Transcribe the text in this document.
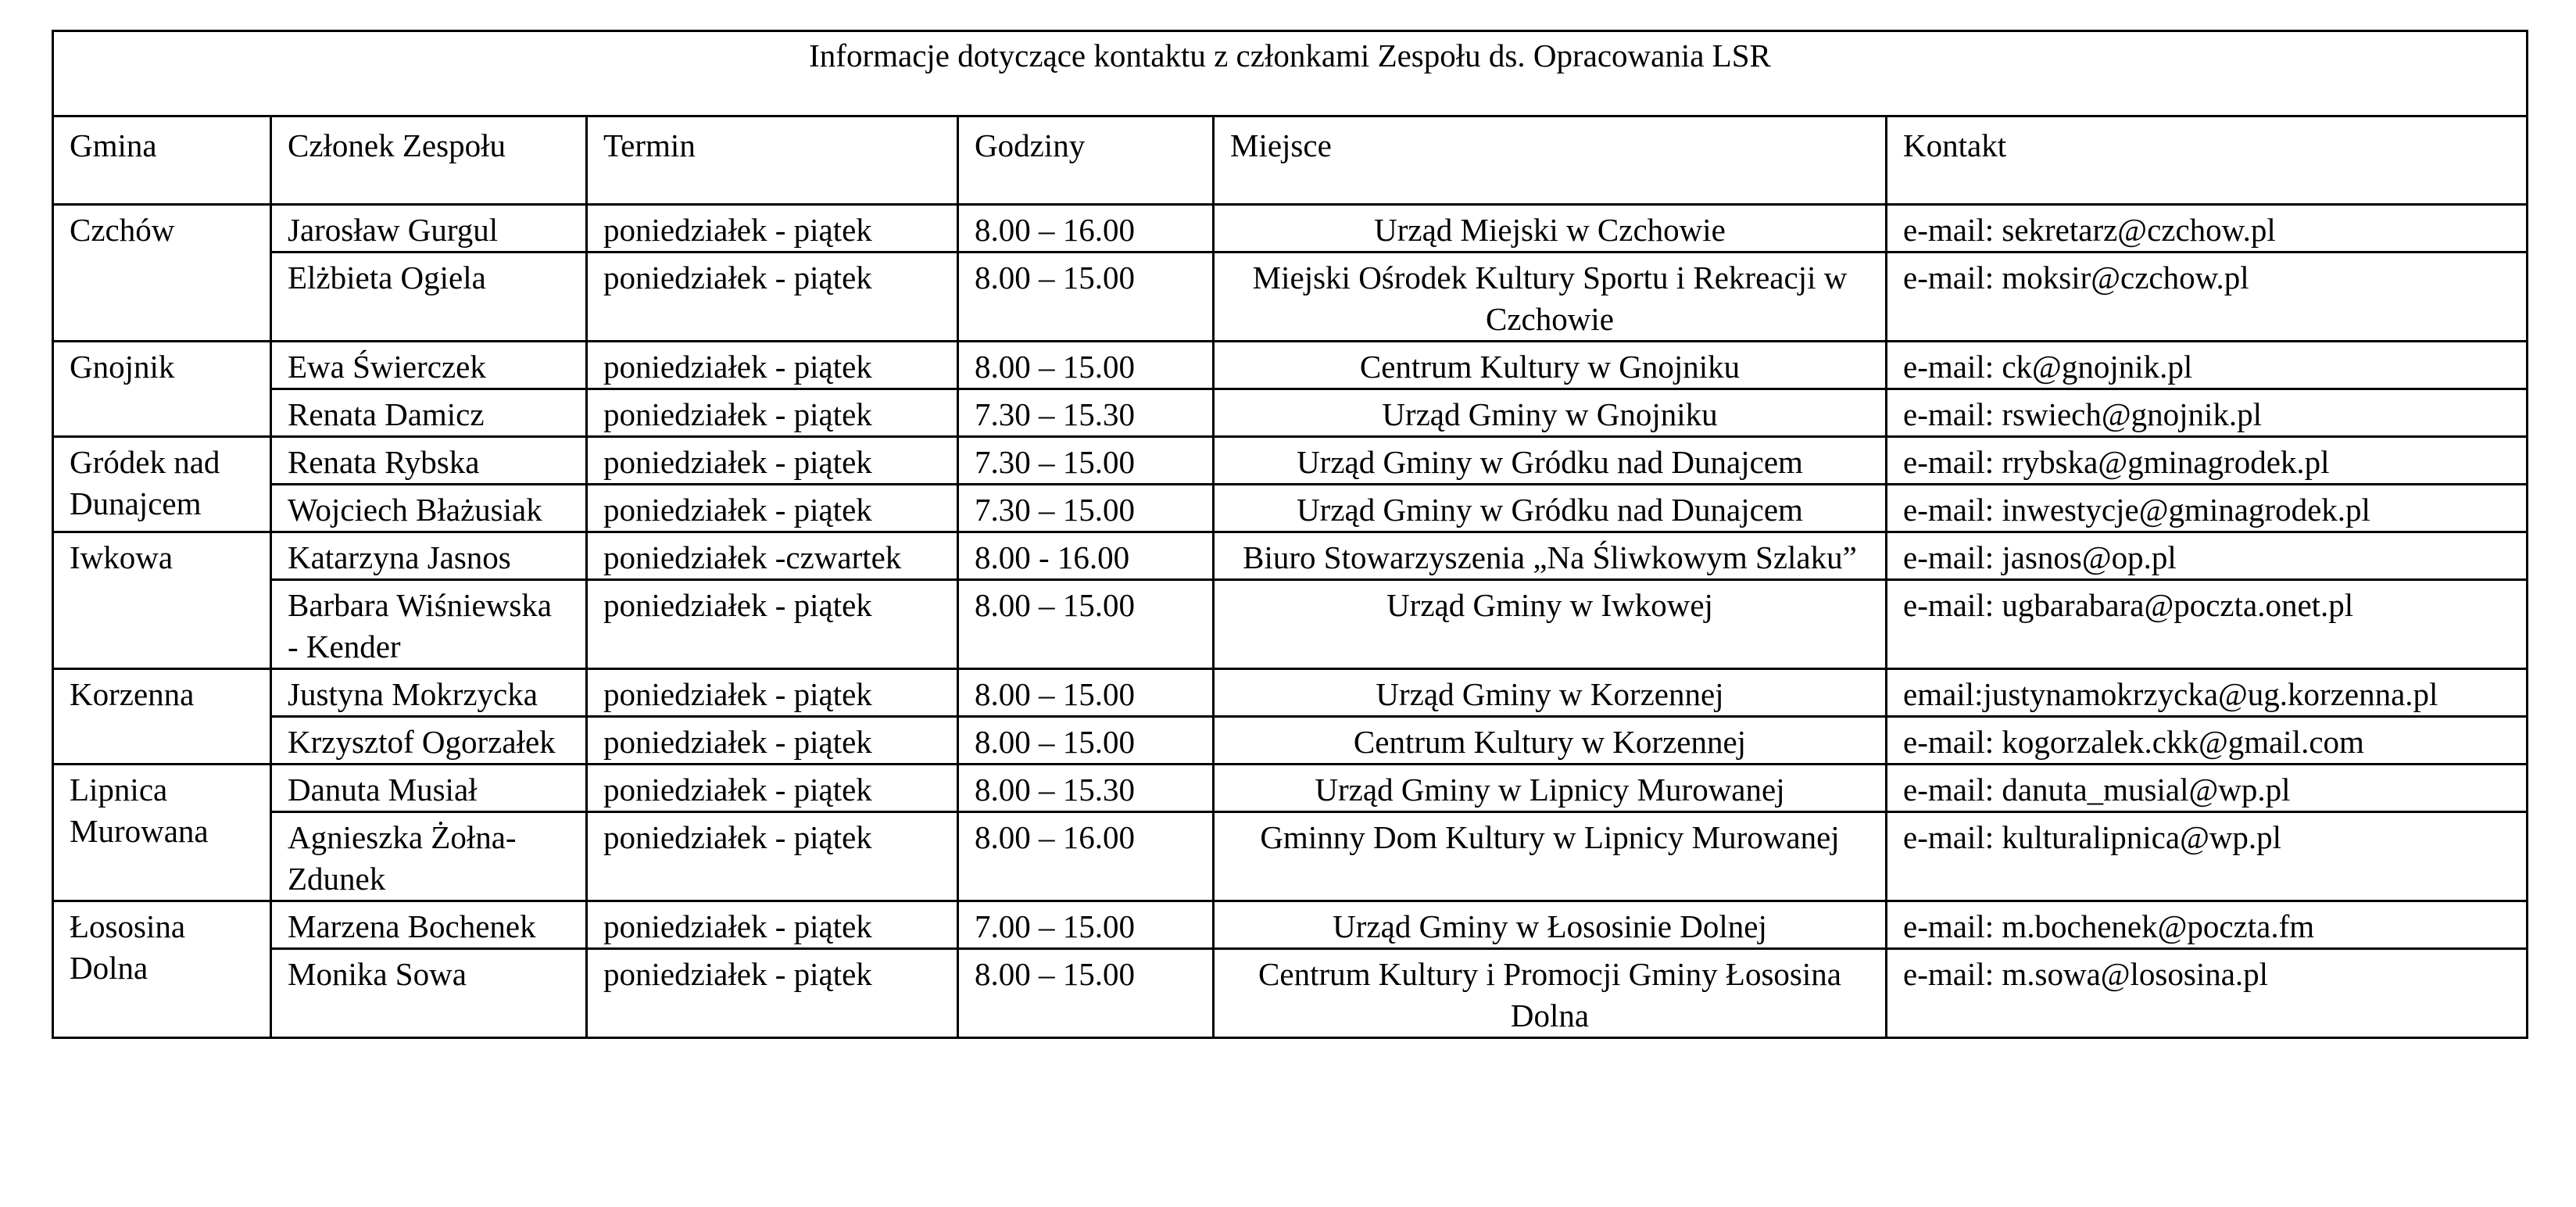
Informacje dotyczące kontaktu z członkami Zespołu ds. Opracowania LSR					
Gmina	Członek Zespołu	Termin	Godziny	Miejsce	Kontakt
Czchów	Jarosław Gurgul	poniedziałek - piątek	8.00 – 16.00	Urząd Miejski w Czchowie	e-mail: sekretarz@czchow.pl
	Elżbieta Ogiela	poniedziałek - piątek	8.00 – 15.00	Miejski Ośrodek Kultury Sportu i Rekreacji w Czchowie	e-mail: moksir@czchow.pl
Gnojnik	Ewa Świerczek	poniedziałek - piątek	8.00 – 15.00	Centrum Kultury w Gnojniku	e-mail: ck@gnojnik.pl
	Renata Damicz	poniedziałek - piątek	7.30 – 15.30	Urząd Gminy w Gnojniku	e-mail: rswiech@gnojnik.pl
Gródek nad Dunajcem	Renata Rybska	poniedziałek - piątek	7.30 – 15.00	Urząd Gminy w Gródku nad Dunajcem	e-mail: rrybska@gminagrodek.pl
	Wojciech Błażusiak	poniedziałek - piątek	7.30 – 15.00	Urząd Gminy w Gródku nad Dunajcem	e-mail: inwestycje@gminagrodek.pl
Iwkowa	Katarzyna Jasnos	poniedziałek -czwartek	8.00 - 16.00	Biuro Stowarzyszenia „Na Śliwkowym Szlaku”	e-mail: jasnos@op.pl
	Barbara Wiśniewska - Kender	poniedziałek - piątek	8.00 – 15.00	Urząd Gminy w Iwkowej	e-mail: ugbarabara@poczta.onet.pl
Korzenna	Justyna Mokrzycka	poniedziałek - piątek	8.00 – 15.00	Urząd Gminy w Korzennej	email:justynamokrzycka@ug.korzenna.pl
	Krzysztof Ogorzałek	poniedziałek - piątek	8.00 – 15.00	Centrum Kultury w Korzennej	e-mail: kogorzalek.ckk@gmail.com
Lipnica Murowana	Danuta Musiał	poniedziałek - piątek	8.00 – 15.30	Urząd Gminy w Lipnicy Murowanej	e-mail: danuta_musial@wp.pl
	Agnieszka Żołna-Zdunek	poniedziałek - piątek	8.00 – 16.00	Gminny Dom Kultury w Lipnicy Murowanej	e-mail: kulturalipnica@wp.pl
Łososina Dolna	Marzena Bochenek	poniedziałek - piątek	7.00 – 15.00	Urząd Gminy w Łososinie Dolnej	e-mail: m.bochenek@poczta.fm
	Monika Sowa	poniedziałek - piątek	8.00 – 15.00	Centrum Kultury i Promocji Gminy Łososina Dolna	e-mail: m.sowa@lososina.pl
